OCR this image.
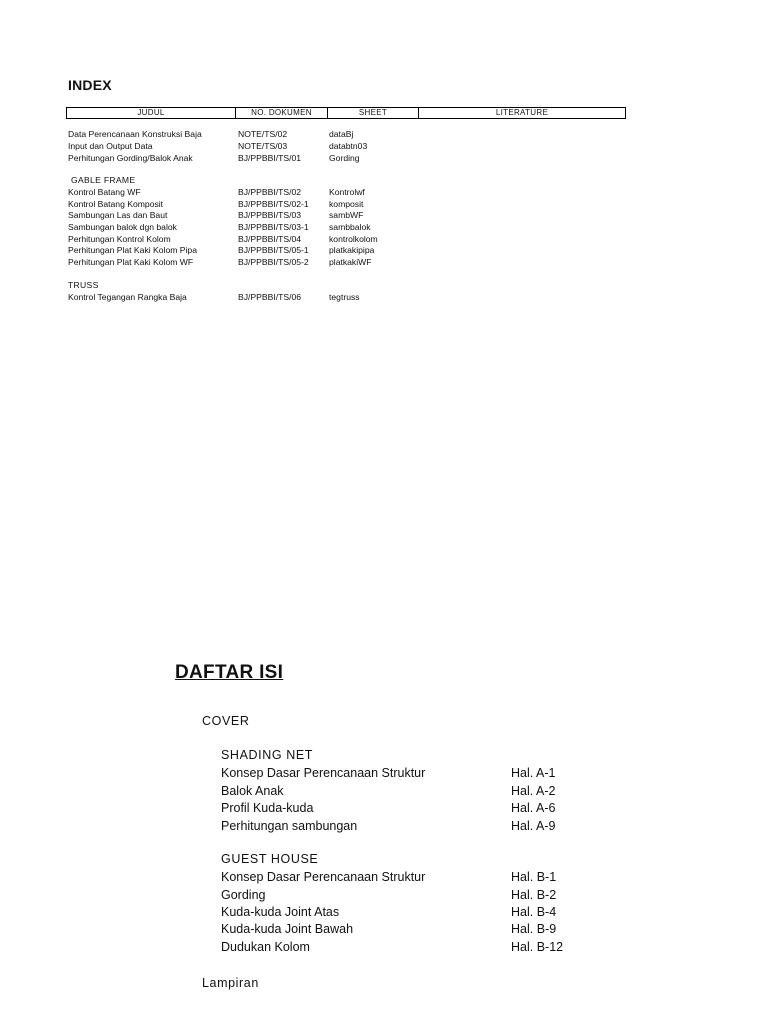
INDEX
JUDUL	NO. DOKUMEN	SHEET	LITERATURE
Data Perencanaan Konstruksi Baja	NOTE/TS/02	dataBj
Input dan Output Data	NOTE/TS/03	databtn03
Perhitungan Gording/Balok Anak	BJ/PPBBI/TS/01	Gording
GABLE FRAME
Kontrol Batang WF	BJ/PPBBI/TS/02	Kontrolwf
Kontrol Batang Komposit	BJ/PPBBI/TS/02-1 komposit
Sambungan Las dan Baut	BJ/PPBBI/TS/03	sambWF
Sambungan balok dgn balok	BJ/PPBBI/TS/03-1 sambbalok
Perhitungan Kontrol Kolom	BJ/PPBBI/TS/04	kontrolkolom
Perhitungan Plat Kaki Kolom Pipa	BJ/PPBBI/TS/05-1 platkakipipa
Perhitungan Plat Kaki Kolom WF	BJ/PPBBI/TS/05-2 platkakiWF
TRUSS
Kontrol Tegangan Rangka Baja	BJ/PPBBI/TS/06	tegtruss
DAFTAR ISI
COVER
SHADING NET
Konsep Dasar Perencanaan Struktur	Hal. A-1
Balok Anak	Hal. A-2
Profil Kuda-kuda	Hal. A-6
Perhitungan sambungan	Hal. A-9
GUEST HOUSE
Konsep Dasar Perencanaan Struktur	Hal. B-1
Gording	Hal. B-2
Kuda-kuda Joint Atas	Hal. B-4
Kuda-kuda Joint Bawah	Hal. B-9
Dudukan Kolom	Hal. B-12
Lampiran
